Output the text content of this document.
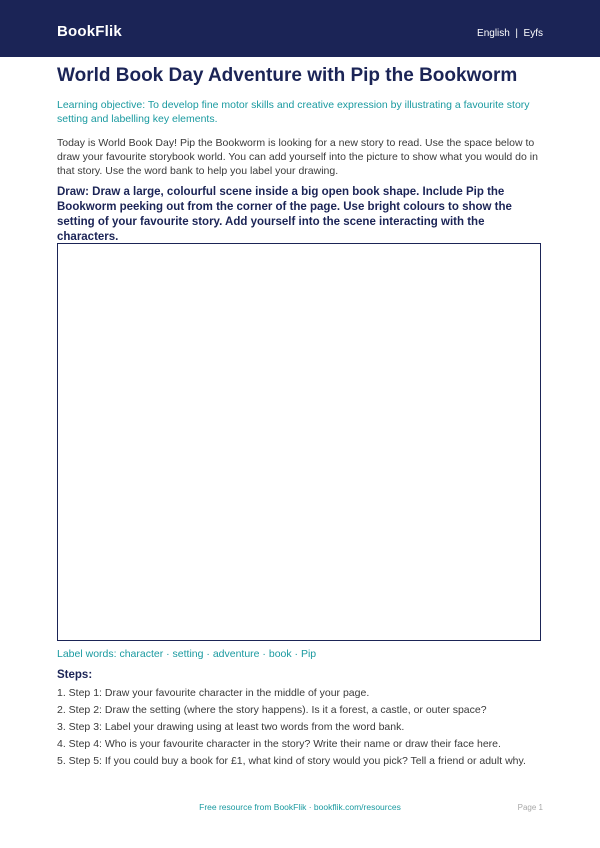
BookFlik	English  |  Eyfs
World Book Day Adventure with Pip the Bookworm

Learning objective: To develop fine motor skills and creative expression by illustrating a favourite story setting and labelling key elements.

Today is World Book Day! Pip the Bookworm is looking for a new story to read. Use the space below to draw your favourite storybook world. You can add yourself into the picture to show what you would do in that story. Use the word bank to help you label your drawing.

Draw: Draw a large, colourful scene inside a big open book shape. Include Pip the Bookworm peeking out from the corner of the page. Use bright colours to show the setting of your favourite story. Add yourself into the scene interacting with the characters.

Label words: character · setting · adventure · book · Pip
Steps:
1. Step 1: Draw your favourite character in the middle of your page.
2. Step 2: Draw the setting (where the story happens). Is it a forest, a castle, or outer space?
3. Step 3: Label your drawing using at least two words from the word bank.
4. Step 4: Who is your favourite character in the story? Write their name or draw their face here.
5. Step 5: If you could buy a book for £1, what kind of story would you pick? Tell a friend or adult why.
Free resource from BookFlik · bookflik.com/resources	Page 1
